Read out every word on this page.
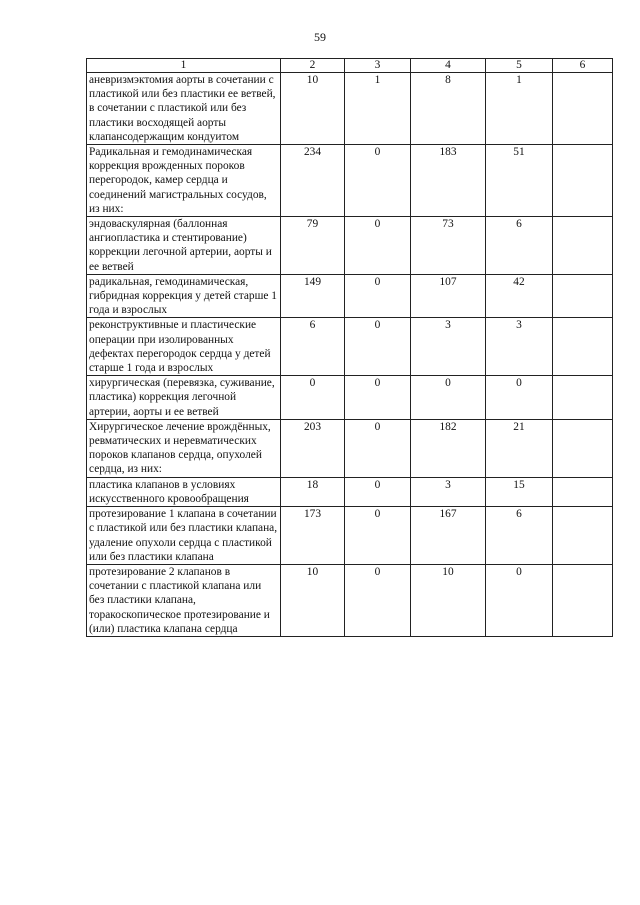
59
1	2	3	4	5	6
аневризмэктомия аорты в сочетании с пластикой или без пластики ее ветвей, в сочетании с пластикой или без пластики восходящей аорты клапансодержащим кондуитом	10	1	8	1	
Радикальная и гемодинамическая коррекция врожденных пороков перегородок, камер сердца и соединений магистральных сосудов, из них:	234	0	183	51	
эндоваскулярная (баллонная ангиопластика и стентирование) коррекции легочной артерии, аорты и ее ветвей	79	0	73	6	
радикальная, гемодинамическая, гибридная коррекция у детей старше 1 года и взрослых	149	0	107	42	
реконструктивные и пластические операции при изолированных дефектах перегородок сердца у детей старше 1 года и взрослых	6	0	3	3	
хирургическая (перевязка, суживание, пластика) коррекция легочной артерии, аорты и ее ветвей	0	0	0	0	
Хирургическое лечение врождённых, ревматических и неревматических пороков клапанов сердца, опухолей сердца, из них:	203	0	182	21	
пластика клапанов в условиях искусственного кровообращения	18	0	3	15	
протезирование 1 клапана в сочетании с пластикой или без пластики клапана, удаление опухоли сердца с пластикой или без пластики клапана	173	0	167	6	
протезирование 2 клапанов в сочетании с пластикой клапана или без пластики клапана, торакоскопическое протезирование и (или) пластика клапана сердца	10	0	10	0	
